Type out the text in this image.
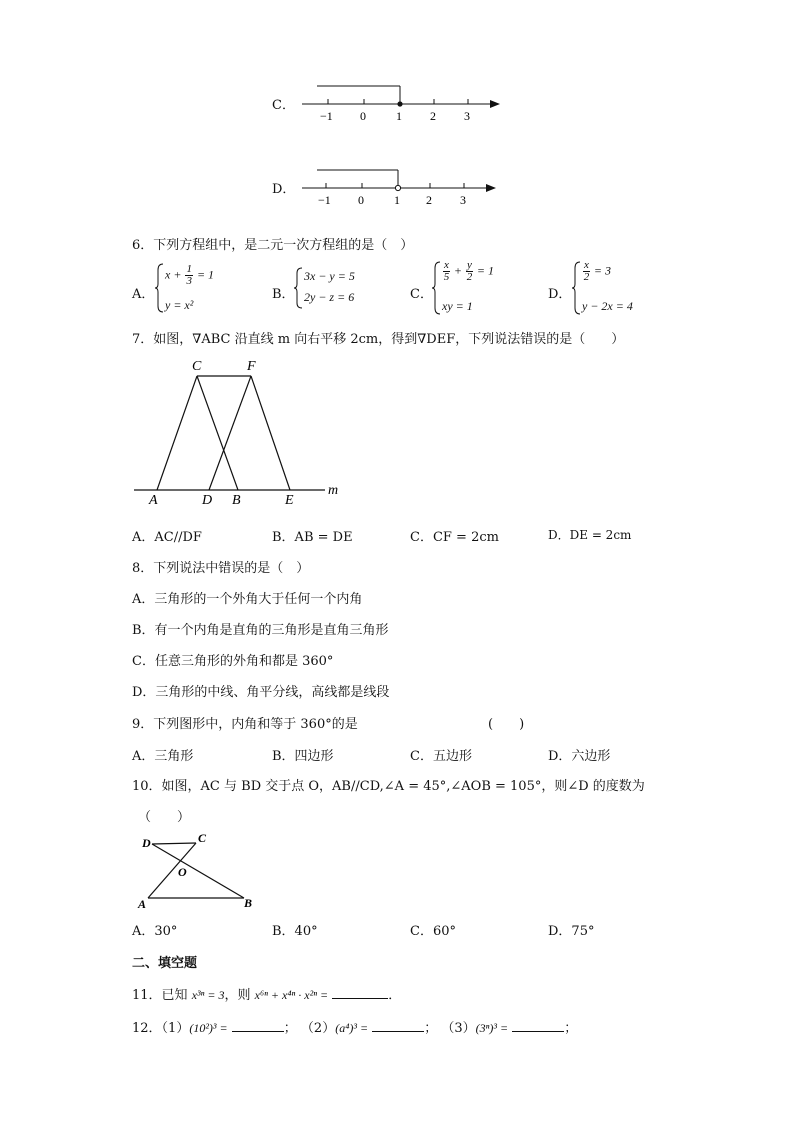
C．
−1 0	1 2 3
D．
−1 0	1 2 3
6．下列方程组中，是二元一次方程组的是（　）
A．
$x + \frac{1}{3} = 1$
y = x²
B．
3x − y = 5
2y − z = 6	C．
$\frac{x}{5} + \frac{y}{2} = 1$
xy = 1
D．
$\frac{x}{2} = 3$
y − 2x = 4
7．如图，∇ABC 沿直线 m 向右平移 2cm，得到∇DEF，下列说法错误的是（　　）
C	F
A	D B	E
m
A．AC//DF	B．AB = DE	C．CF = 2cm	D．DE = 2cm
8．下列说法中错误的是（　）
A．三角形的一个外角大于任何一个内角
B．有一个内角是直角的三角形是直角三角形
C．任意三角形的外角和都是 360°
D．三角形的中线、角平分线，高线都是线段
9．下列图形中，内角和等于 360°的是	(　　)
A．三角形	B．四边形	C．五边形	D．六边形
10．如图，AC 与 BD 交于点 O，AB//CD,∠A = 45°,∠AOB = 105°，则∠D 的度数为
（　　）
D	C
O
A	B
A．30°	B．40°	C．60°	D．75°
二、填空题
11．已知 x³ⁿ = 3，则 x⁶ⁿ + x⁴ⁿ · x²ⁿ =	．
12．（1）(10²)³ =	； （2）(a⁴)³ =	； （3）(3ⁿ)³ =	；
